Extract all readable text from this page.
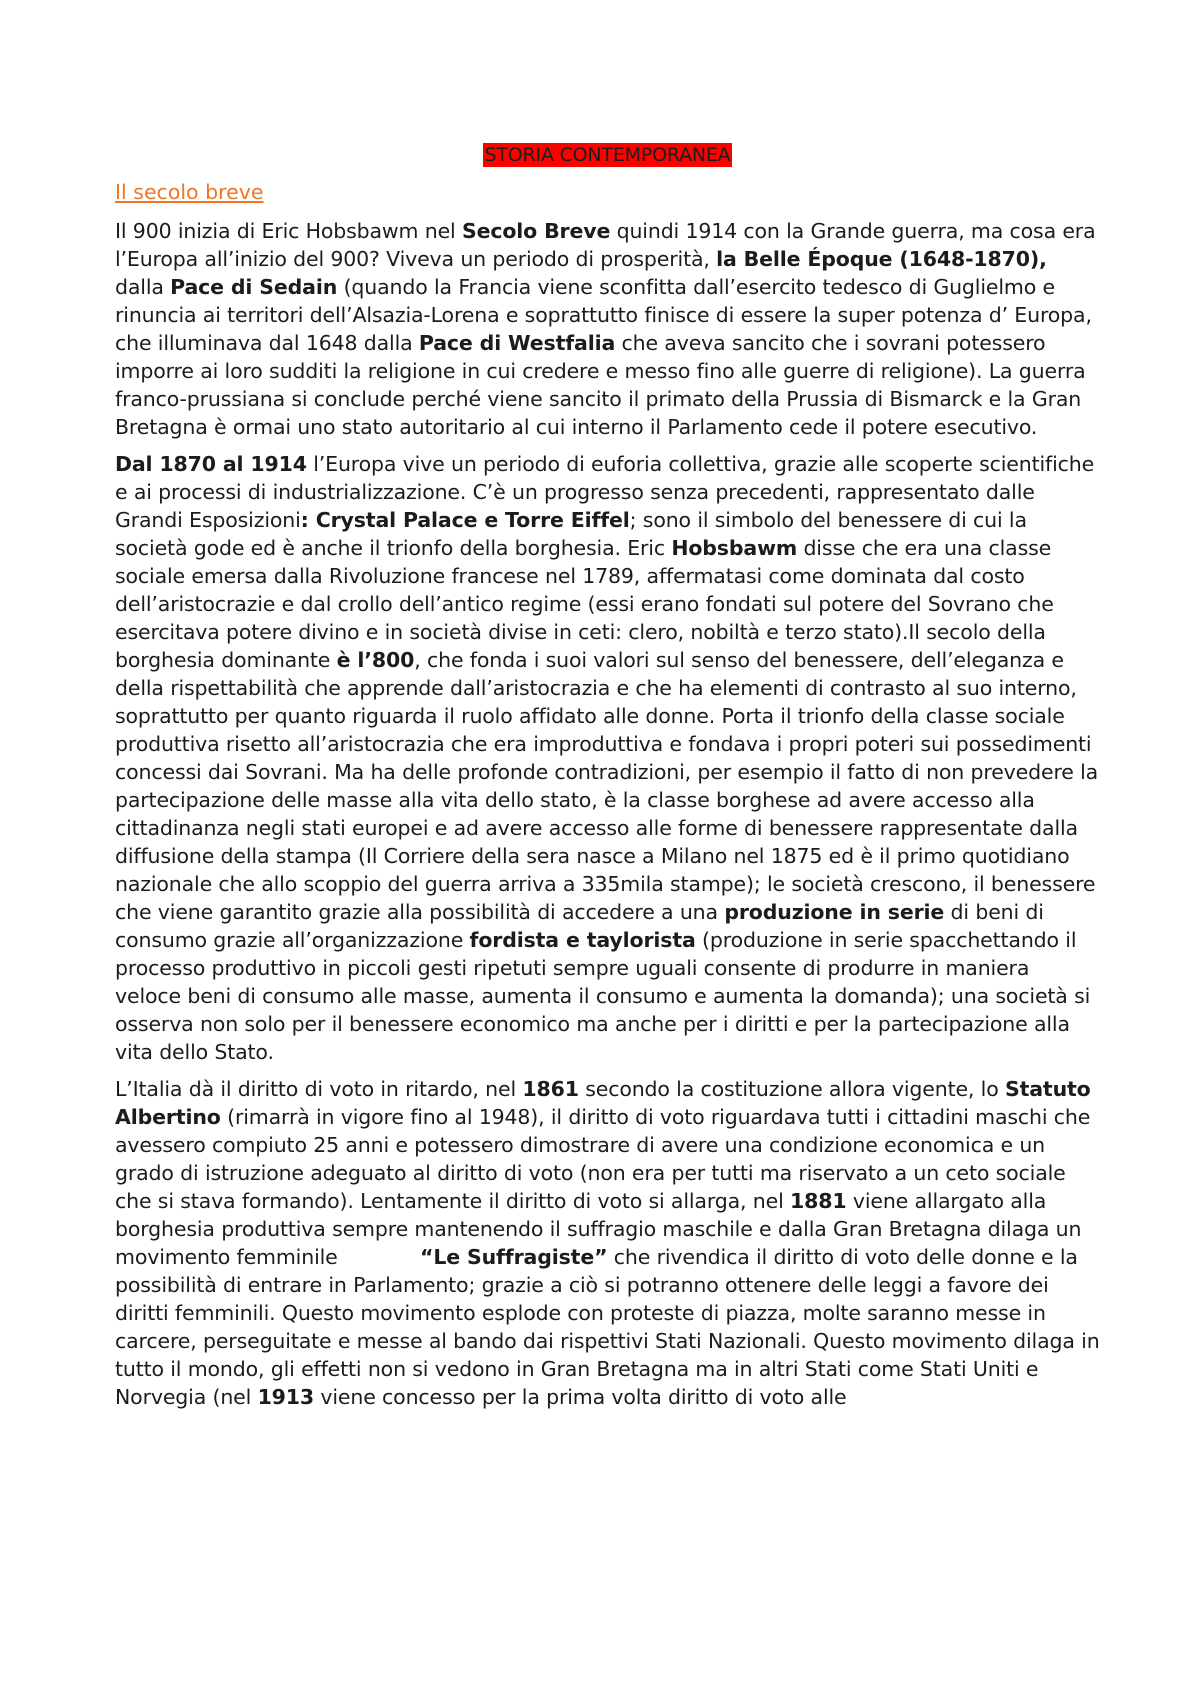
STORIA CONTEMPORANEA
Il secolo breve

Il 900 inizia di Eric Hobsbawm nel Secolo Breve quindi 1914 con la Grande guerra, ma cosa era l’Europa all’inizio del 900? Viveva un periodo di prosperità, la Belle Époque (1648-1870), dalla Pace di Sedain (quando la Francia viene sconfitta dall’esercito tedesco di Guglielmo e rinuncia ai territori dell’Alsazia-Lorena e soprattutto finisce di essere la super potenza d’ Europa, che illuminava dal 1648 dalla Pace di Westfalia che aveva sancito che i sovrani potessero imporre ai loro sudditi la religione in cui credere e messo fino alle guerre di religione). La guerra franco-prussiana si conclude perché viene sancito il primato della Prussia di Bismarck e la Gran Bretagna è ormai uno stato autoritario al cui interno il Parlamento cede il potere esecutivo.

Dal 1870 al 1914 l’Europa vive un periodo di euforia collettiva, grazie alle scoperte scientifiche e ai processi di industrializzazione. C’è un progresso senza precedenti, rappresentato dalle Grandi Esposizioni: Crystal Palace e Torre Eiffel; sono il simbolo del benessere di cui la società gode ed è anche il trionfo della borghesia. Eric Hobsbawm disse che era una classe sociale emersa dalla Rivoluzione francese nel 1789, affermatasi come dominata dal costo dell’aristocrazie e dal crollo dell’antico regime (essi erano fondati sul potere del Sovrano che esercitava potere divino e in società divise in ceti: clero, nobiltà e terzo stato).Il secolo della borghesia dominante è l’800, che fonda i suoi valori sul senso del benessere, dell’eleganza e della rispettabilità che apprende dall’aristocrazia e che ha elementi di contrasto al suo interno, soprattutto per quanto riguarda il ruolo affidato alle donne. Porta il trionfo della classe sociale produttiva risetto all’aristocrazia che era improduttiva e fondava i propri poteri sui possedimenti concessi dai Sovrani. Ma ha delle profonde contradizioni, per esempio il fatto di non prevedere la partecipazione delle masse alla vita dello stato, è la classe borghese ad avere accesso alla cittadinanza negli stati europei e ad avere accesso alle forme di benessere rappresentate dalla diffusione della stampa (Il Corriere della sera nasce a Milano nel 1875 ed è il primo quotidiano nazionale che allo scoppio del guerra arriva a 335mila stampe); le società crescono, il benessere che viene garantito grazie alla possibilità di accedere a una produzione in serie di beni di consumo grazie all’organizzazione fordista e taylorista (produzione in serie spacchettando il processo produttivo in piccoli gesti ripetuti sempre uguali consente di produrre in maniera veloce beni di consumo alle masse, aumenta il consumo e aumenta la domanda); una società si osserva non solo per il benessere economico ma anche per i diritti e per la partecipazione alla vita dello Stato.

L’Italia dà il diritto di voto in ritardo, nel 1861 secondo la costituzione allora vigente, lo Statuto Albertino (rimarrà in vigore fino al 1948), il diritto di voto riguardava tutti i cittadini maschi che avessero compiuto 25 anni e potessero dimostrare di avere una condizione economica e un grado di istruzione adeguato al diritto di voto (non era per tutti ma riservato a un ceto sociale che si stava formando). Lentamente il diritto di voto si allarga, nel 1881 viene allargato alla borghesia produttiva sempre mantenendo il suffragio maschile e dalla Gran Bretagna dilaga un movimento femminile	“Le Suffragiste” che rivendica il diritto di voto delle donne e la possibilità di entrare in Parlamento; grazie a ciò si potranno ottenere delle leggi a favore dei diritti femminili. Questo movimento esplode con proteste di piazza, molte saranno messe in carcere, perseguitate e messe al bando dai rispettivi Stati Nazionali. Questo movimento dilaga in tutto il mondo, gli effetti non si vedono in Gran Bretagna ma in altri Stati come Stati Uniti e Norvegia (nel 1913 viene concesso per la prima volta diritto di voto alle
